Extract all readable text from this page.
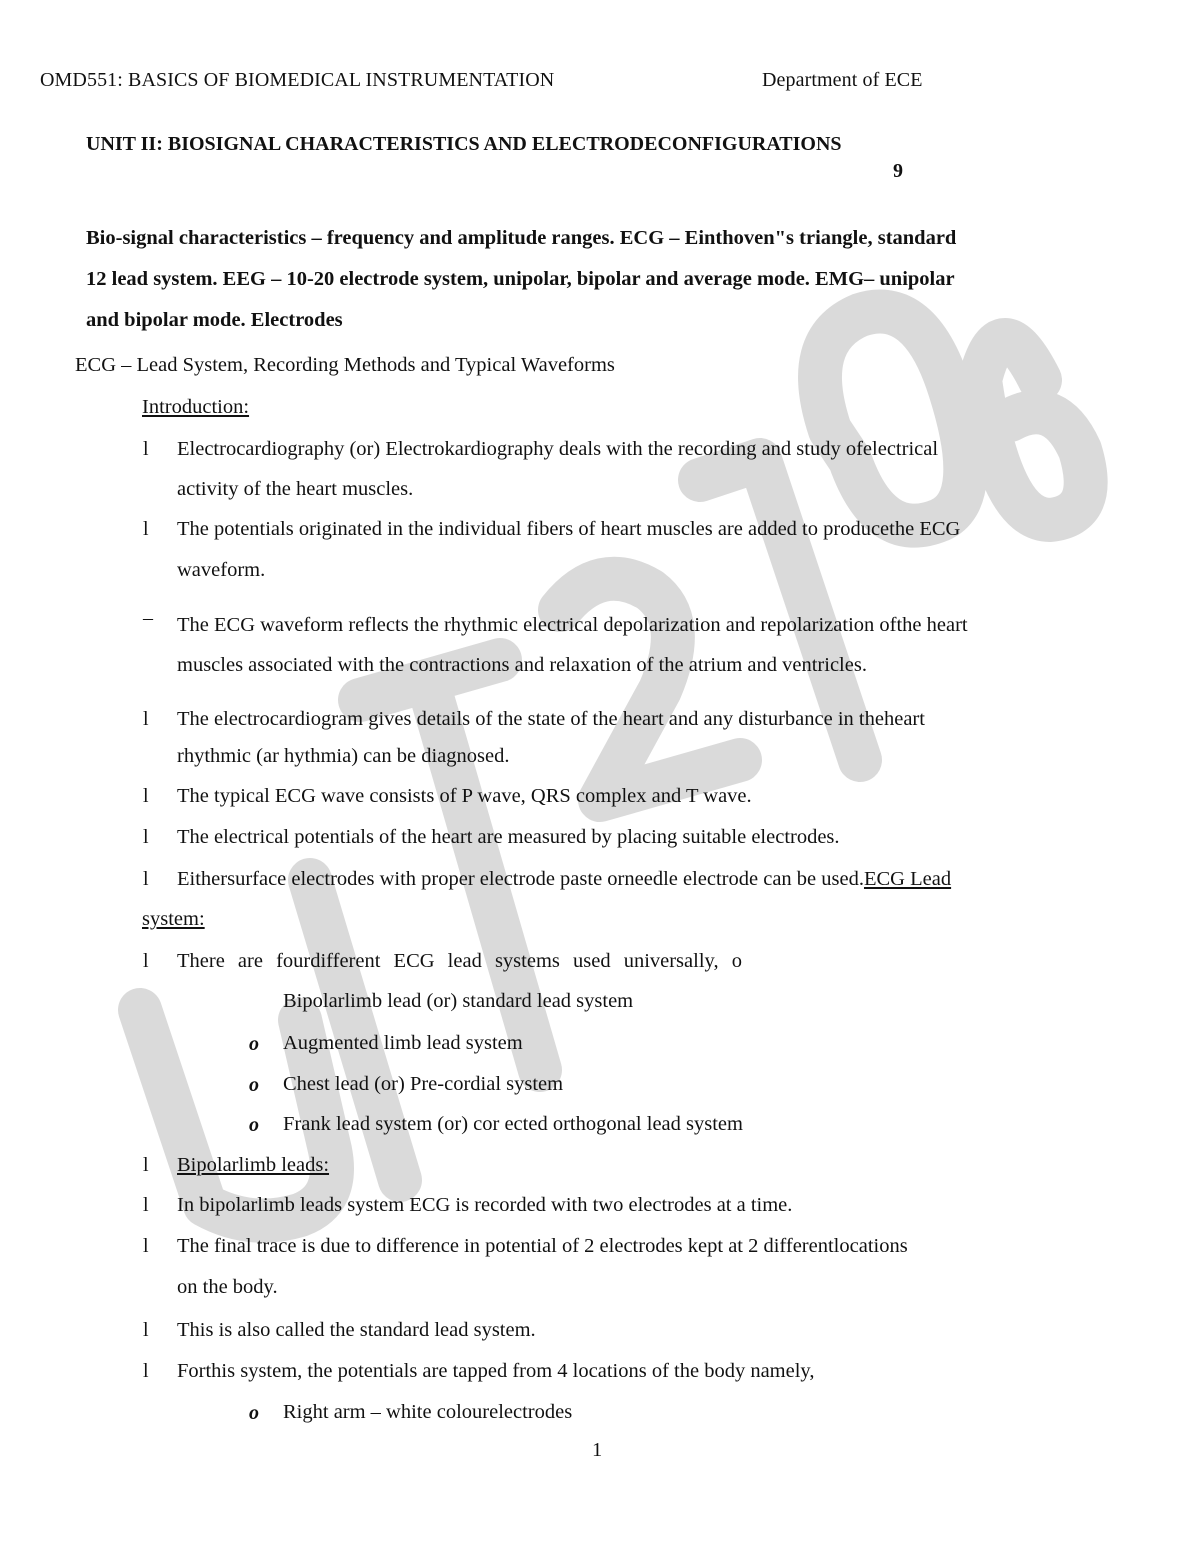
OMD551: BASICS OF BIOMEDICAL INSTRUMENTATION	Department of ECE
UNIT II: BIOSIGNAL CHARACTERISTICS AND ELECTRODECONFIGURATIONS
9
Bio-signal characteristics – frequency and amplitude ranges. ECG – Einthoven"s triangle, standard
12 lead system. EEG – 10-20 electrode system, unipolar, bipolar and average mode. EMG– unipolar
and bipolar mode. Electrodes
ECG – Lead System, Recording Methods and Typical Waveforms
Introduction:
l Electrocardiography (or) Electrokardiography deals with the recording and study ofelectrical
activity of the heart muscles.
l The potentials originated in the individual fibers of heart muscles are added to producethe ECG
waveform.
– The ECG waveform reflects the rhythmic electrical depolarization and repolarization ofthe heart
muscles associated with the contractions and relaxation of the atrium and ventricles.
l The electrocardiogram gives details of the state of the heart and any disturbance in theheart
rhythmic (ar hythmia) can be diagnosed.
l The typical ECG wave consists of P wave, QRS complex and T wave.
l The electrical potentials of the heart are measured by placing suitable electrodes.
l Eithersurface electrodes with proper electrode paste orneedle electrode can be used.ECG Lead
system:
l There are fourdifferent ECG lead systems used universally, o
Bipolarlimb lead (or) standard lead system
o Augmented limb lead system
o Chest lead (or) Pre-cordial system
o Frank lead system (or) cor ected orthogonal lead system
l Bipolarlimb leads:
l In bipolarlimb leads system ECG is recorded with two electrodes at a time.
l The final trace is due to difference in potential of 2 electrodes kept at 2 differentlocations
on the body.
l This is also called the standard lead system.
l Forthis system, the potentials are tapped from 4 locations of the body namely,
o Right arm – white colourelectrodes
1
